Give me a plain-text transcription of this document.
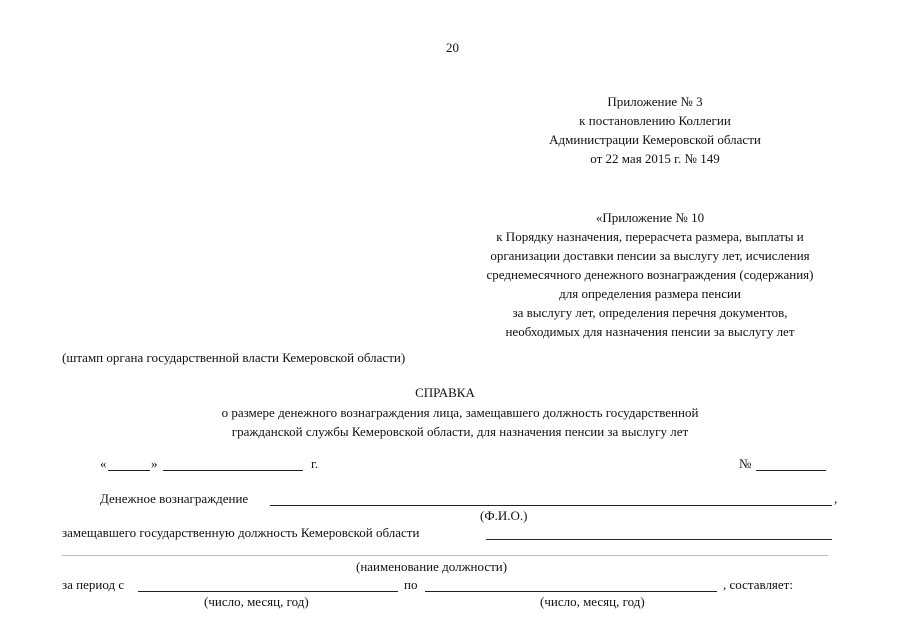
20
Приложение № 3
к постановлению Коллегии
Администрации Кемеровской области
от 22 мая 2015 г. № 149
«Приложение № 10
к Порядку назначения, перерасчета размера, выплаты и
организации доставки пенсии за выслугу лет, исчисления
среднемесячного денежного вознаграждения (содержания)
для определения размера пенсии
за выслугу лет, определения перечня документов,
необходимых для назначения пенсии за выслугу лет
(штамп органа государственной власти Кемеровской области)
СПРАВКА
о размере денежного вознаграждения лица, замещавшего должность государственной
гражданской службы Кемеровской области, для назначения пенсии за выслугу лет
«	»	г.	№
Денежное вознаграждение	,
(Ф.И.О.)
замещавшего государственную должность Кемеровской области
(наименование должности)
за период с	по	, составляет:
(число, месяц, год)	(число, месяц, год)
